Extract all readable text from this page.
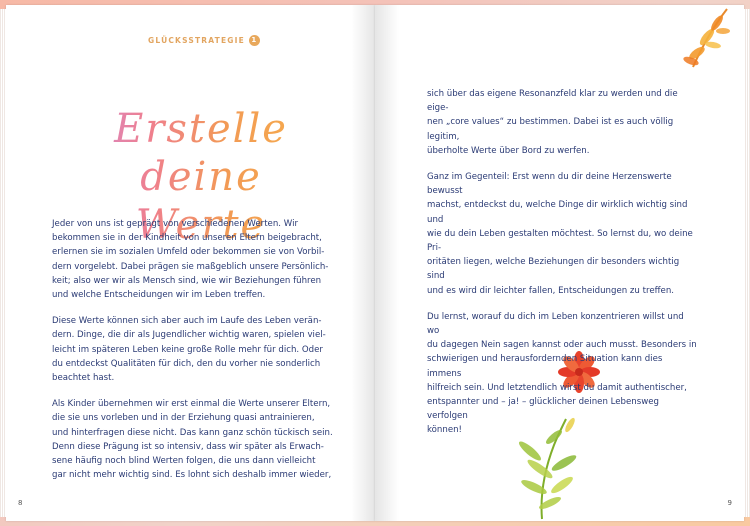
GLÜCKSSTRATEGIE 1
Erstelle
deine Werte

Jeder von uns ist geprägt von verschiedenen Werten. Wir
bekommen sie in der Kindheit von unseren Eltern beigebracht,
erlernen sie im sozialen Umfeld oder bekommen sie von Vorbil-
dern vorgelebt. Dabei prägen sie maßgeblich unsere Persönlich-
keit; also wer wir als Mensch sind, wie wir Beziehungen führen
und welche Entscheidungen wir im Leben treffen.

Diese Werte können sich aber auch im Laufe des Leben verän-
dern. Dinge, die dir als Jugendlicher wichtig waren, spielen viel-
leicht im späteren Leben keine große Rolle mehr für dich. Oder
du entdeckst Qualitäten für dich, den du vorher nie sonderlich
beachtet hast.

Als Kinder übernehmen wir erst einmal die Werte unserer Eltern,
die sie uns vorleben und in der Erziehung quasi antrainieren,
und hinterfragen diese nicht. Das kann ganz schön tückisch sein.
Denn diese Prägung ist so intensiv, dass wir später als Erwach-
sene häufig noch blind Werten folgen, die uns dann vielleicht
gar nicht mehr wichtig sind. Es lohnt sich deshalb immer wieder,

8

sich über das eigene Resonanzfeld klar zu werden und die eige-
nen „core values“ zu bestimmen. Dabei ist es auch völlig legitim,
überholte Werte über Bord zu werfen.

Ganz im Gegenteil: Erst wenn du dir deine Herzenswerte bewusst
machst, entdeckst du, welche Dinge dir wirklich wichtig sind und
wie du dein Leben gestalten möchtest. So lernst du, wo deine Pri-
oritäten liegen, welche Beziehungen dir besonders wichtig sind
und es wird dir leichter fallen, Entscheidungen zu treffen.

Du lernst, worauf du dich im Leben konzentrieren willst und wo
du dagegen Nein sagen kannst oder auch musst. Besonders in
schwierigen und herausfordernden Situation kann dies immens
hilfreich sein. Und letztendlich wirst du damit authentischer,
entspannter und – ja! – glücklicher deinen Lebensweg verfolgen
können!

9
